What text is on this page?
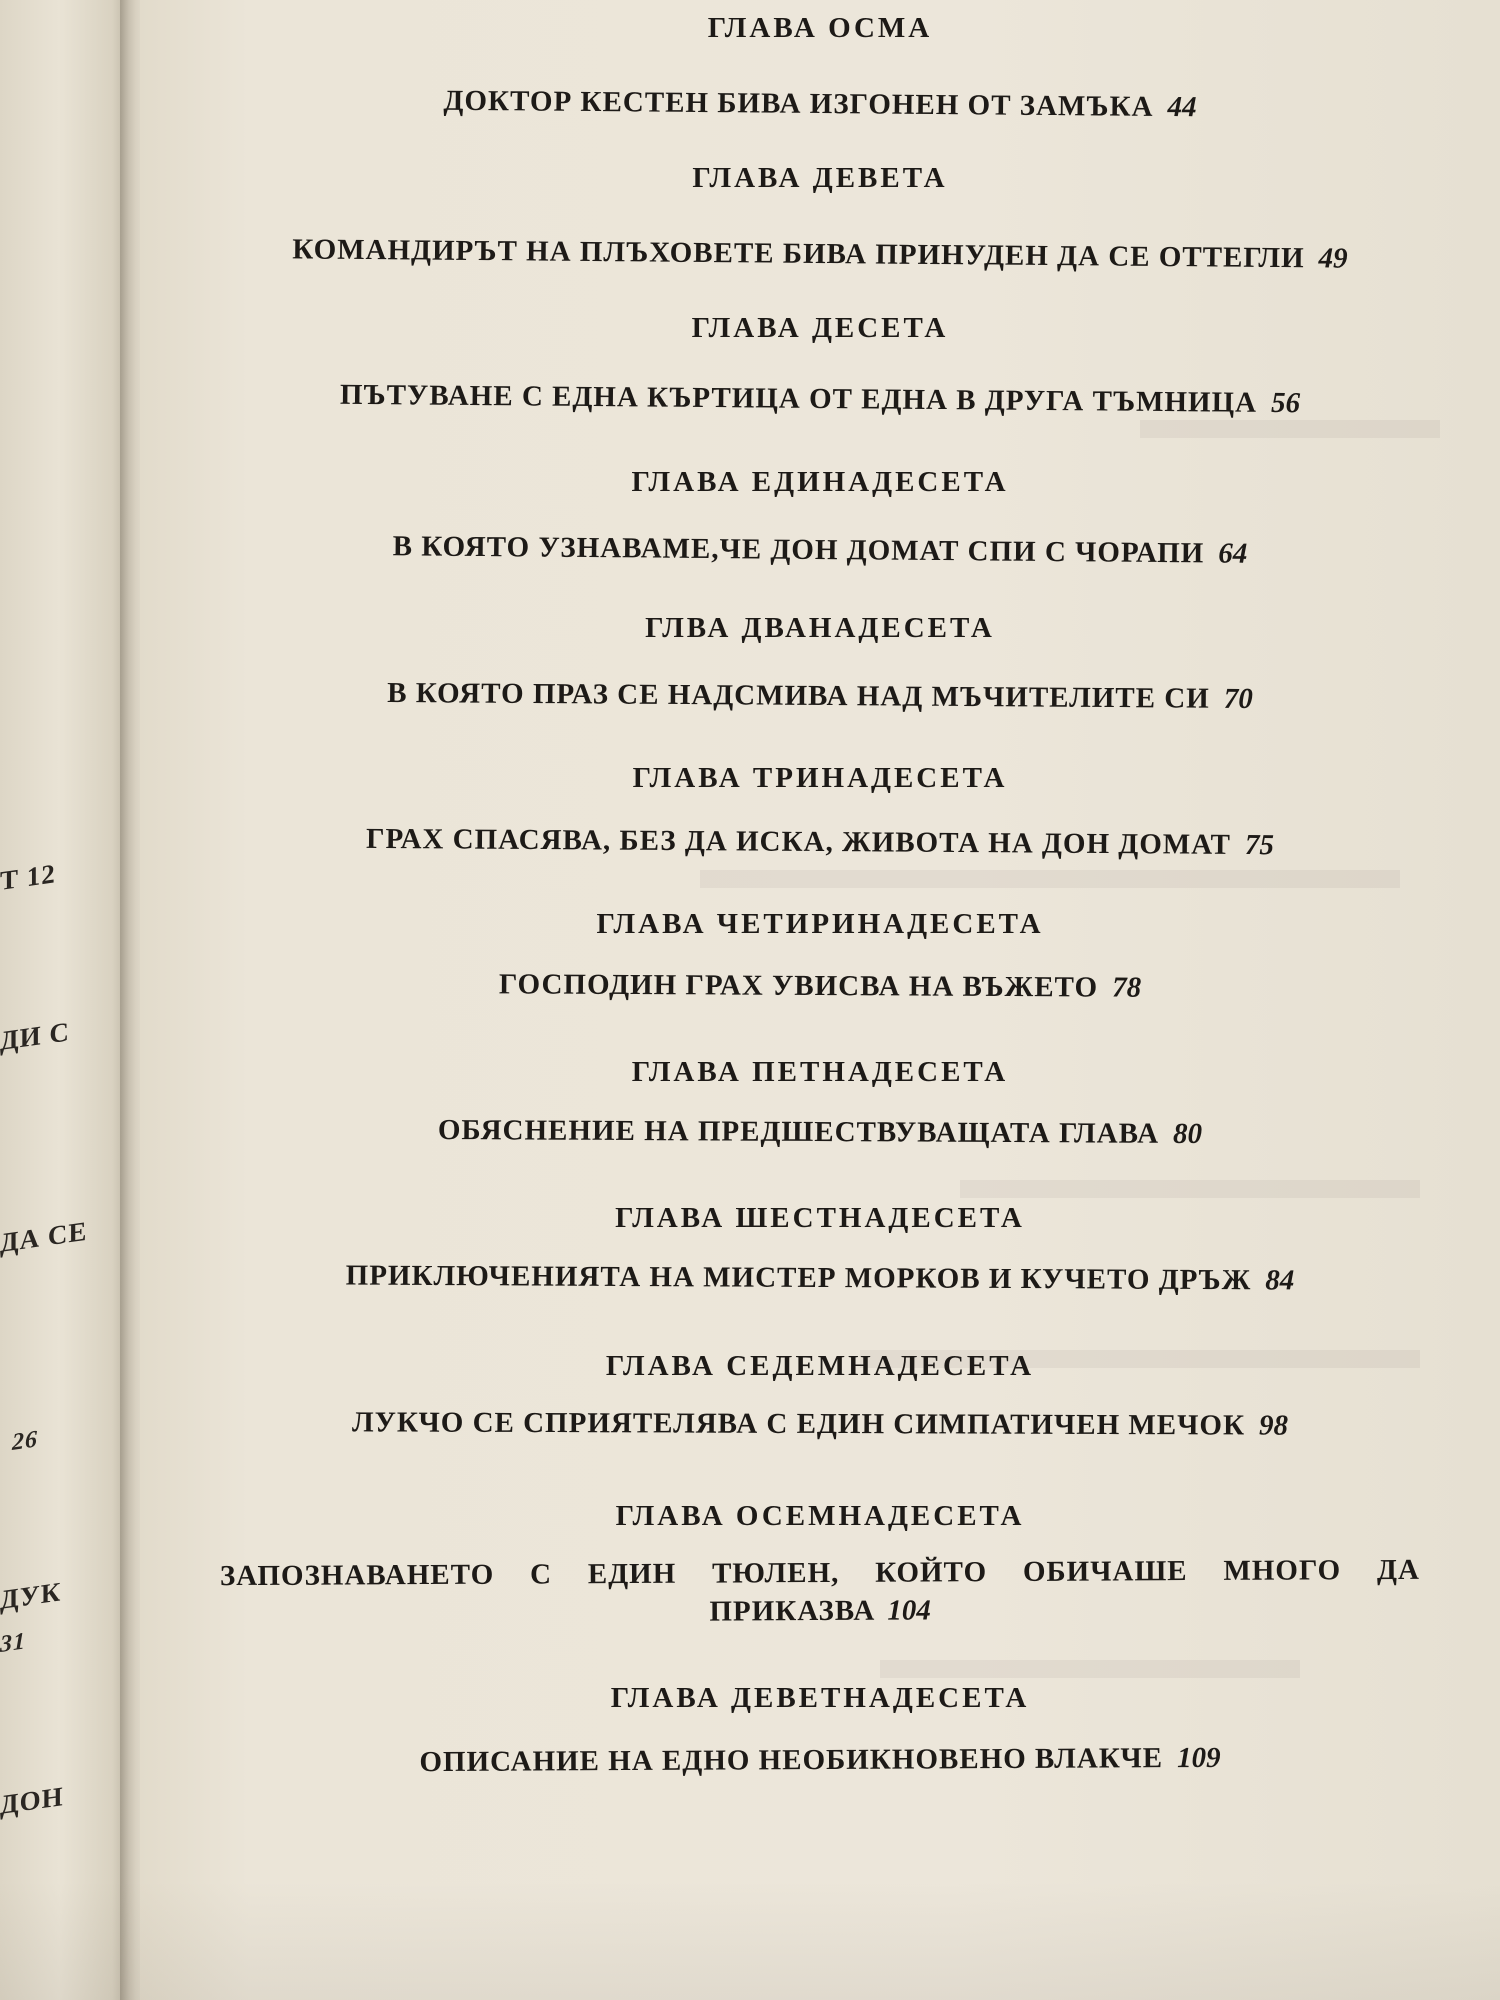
Т 12
ДИ С
ДА СЕ
26
ДУК
31
ДОН
ГЛАВА ОСМА
ДОКТОР КЕСТЕН БИВА ИЗГОНЕН ОТ ЗАМЪКА 44
ГЛАВА ДЕВЕТА
КОМАНДИРЪТ НА ПЛЪХОВЕТЕ БИВА ПРИНУДЕН ДА СЕ ОТТЕГЛИ 49
ГЛАВА ДЕСЕТА
ПЪТУВАНЕ С ЕДНА КЪРТИЦА ОТ ЕДНА В ДРУГА ТЪМНИЦА 56
ГЛАВА ЕДИНАДЕСЕТА
В КОЯТО УЗНАВАМЕ,ЧЕ ДОН ДОМАТ СПИ С ЧОРАПИ 64
ГЛВА ДВАНАДЕСЕТА
В КОЯТО ПРАЗ СЕ НАДСМИВА НАД МЪЧИТЕЛИТЕ СИ 70
ГЛАВА ТРИНАДЕСЕТА
ГРАХ СПАСЯВА, БЕЗ ДА ИСКА, ЖИВОТА НА ДОН ДОМАТ 75
ГЛАВА ЧЕТИРИНАДЕСЕТА
ГОСПОДИН ГРАХ УВИСВА НА ВЪЖЕТО 78
ГЛАВА ПЕТНАДЕСЕТА
ОБЯСНЕНИЕ НА ПРЕДШЕСТВУВАЩАТА ГЛАВА 80
ГЛАВА ШЕСТНАДЕСЕТА
ПРИКЛЮЧЕНИЯТА НА МИСТЕР МОРКОВ И КУЧЕТО ДРЪЖ 84
ГЛАВА СЕДЕМНАДЕСЕТА
ЛУКЧО СЕ СПРИЯТЕЛЯВА С ЕДИН СИМПАТИЧЕН МЕЧОК 98
ГЛАВА ОСЕМНАДЕСЕТА
ЗАПОЗНАВАНЕТО С ЕДИН ТЮЛЕН, КОЙТО ОБИЧАШЕ МНОГО ДА
ПРИКАЗВА 104
ГЛАВА ДЕВЕТНАДЕСЕТА
ОПИСАНИЕ НА ЕДНО НЕОБИКНОВЕНО ВЛАКЧЕ 109
